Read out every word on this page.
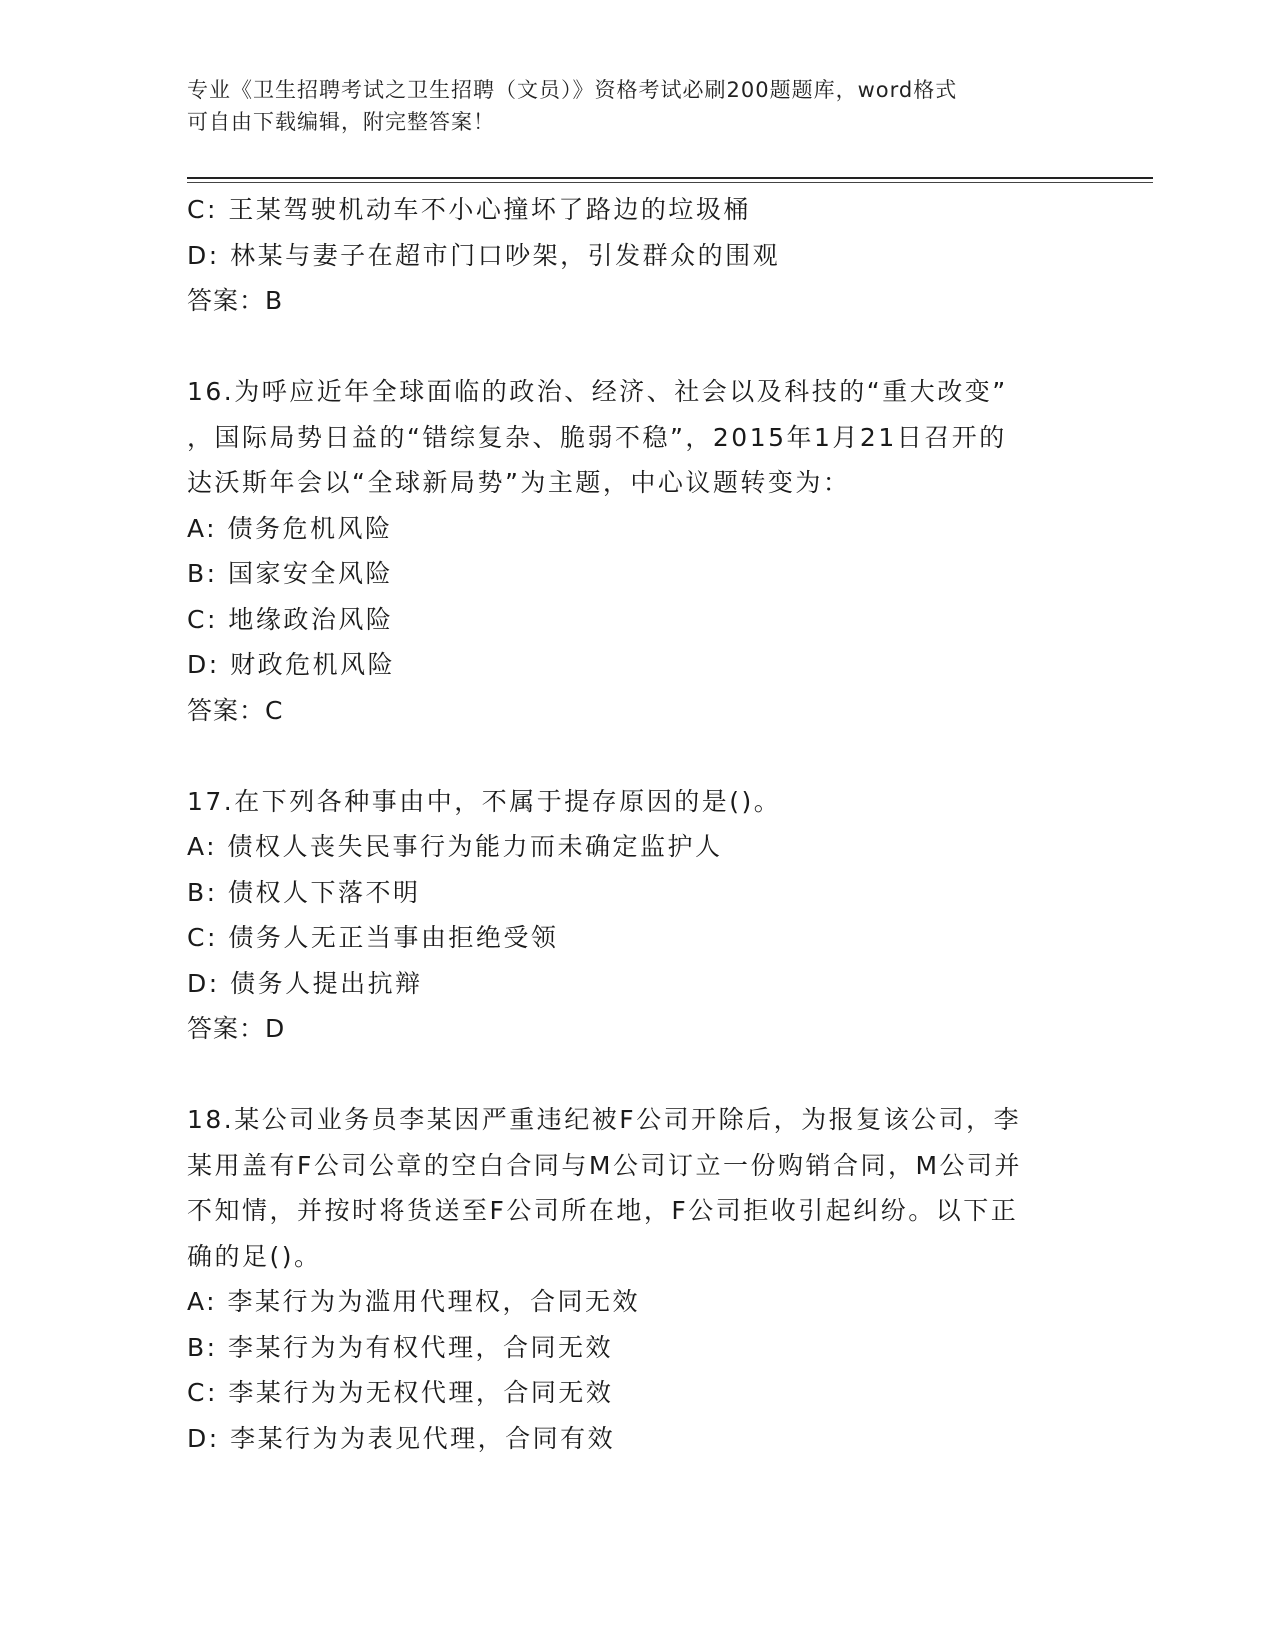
专业《卫生招聘考试之卫生招聘（文员）》资格考试必刷200题题库，word格式
可自由下载编辑，附完整答案！
C: 王某驾驶机动车不小心撞坏了路边的垃圾桶
D: 林某与妻子在超市门口吵架，引发群众的围观
答案：B
16.为呼应近年全球面临的政治、经济、社会以及科技的“重大改变”
，国际局势日益的“错综复杂、脆弱不稳”，2015年1月21日召开的
达沃斯年会以“全球新局势”为主题，中心议题转变为：
A: 债务危机风险
B: 国家安全风险
C: 地缘政治风险
D: 财政危机风险
答案：C
17.在下列各种事由中，不属于提存原因的是()。
A: 债权人丧失民事行为能力而未确定监护人
B: 债权人下落不明
C: 债务人无正当事由拒绝受领
D: 债务人提出抗辩
答案：D
18.某公司业务员李某因严重违纪被F公司开除后，为报复该公司，李
某用盖有F公司公章的空白合同与M公司订立一份购销合同，M公司并
不知情，并按时将货送至F公司所在地，F公司拒收引起纠纷。以下正
确的足()。
A: 李某行为为滥用代理权，合同无效
B: 李某行为为有权代理，合同无效
C: 李某行为为无权代理，合同无效
D: 李某行为为表见代理，合同有效
